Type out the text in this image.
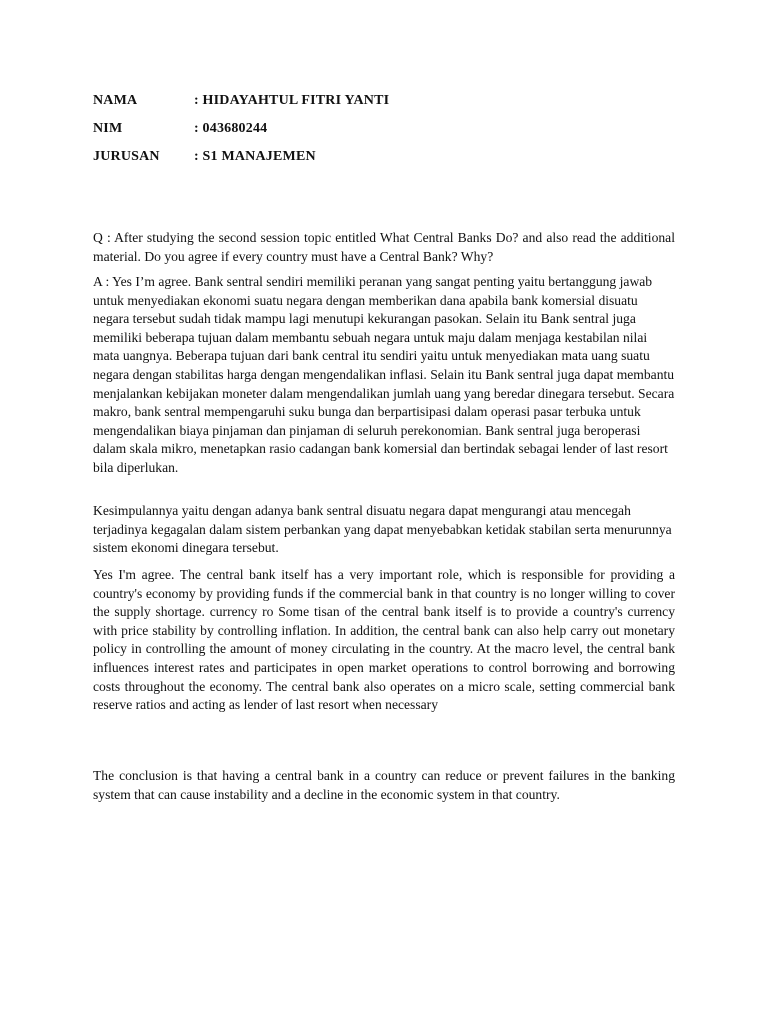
NAMA	: HIDAYAHTUL FITRI YANTI
NIM	: 043680244
JURUSAN	: S1 MANAJEMEN

Q : After studying the second session topic entitled What Central Banks Do? and also read the additional material. Do you agree if every country must have a Central Bank? Why?

A : Yes I’m agree. Bank sentral sendiri memiliki peranan yang sangat penting yaitu bertanggung jawab untuk menyediakan ekonomi suatu negara dengan memberikan dana apabila bank komersial disuatu negara tersebut sudah tidak mampu lagi menutupi kekurangan pasokan. Selain itu Bank sentral juga memiliki beberapa tujuan dalam membantu sebuah negara untuk maju dalam menjaga kestabilan nilai mata uangnya. Beberapa tujuan dari bank central itu sendiri yaitu untuk menyediakan mata uang suatu negara dengan stabilitas harga dengan mengendalikan inflasi. Selain itu Bank sentral juga dapat membantu menjalankan kebijakan moneter dalam mengendalikan jumlah uang yang beredar dinegara tersebut. Secara makro, bank sentral mempengaruhi suku bunga dan berpartisipasi dalam operasi pasar terbuka untuk mengendalikan biaya pinjaman dan pinjaman di seluruh perekonomian. Bank sentral juga beroperasi dalam skala mikro, menetapkan rasio cadangan bank komersial dan bertindak sebagai lender of last resort bila diperlukan.

Kesimpulannya yaitu dengan adanya bank sentral disuatu negara dapat mengurangi atau mencegah terjadinya kegagalan dalam sistem perbankan yang dapat menyebabkan ketidak stabilan serta menurunnya sistem ekonomi dinegara tersebut.

Yes I'm agree. The central bank itself has a very important role, which is responsible for providing a country's economy by providing funds if the commercial bank in that country is no longer willing to cover the supply shortage. currency ro Some tisan of the central bank itself is to provide a country's currency with price stability by controlling inflation. In addition, the central bank can also help carry out monetary policy in controlling the amount of money circulating in the country. At the macro level, the central bank influences interest rates and participates in open market operations to control borrowing and borrowing costs throughout the economy. The central bank also operates on a micro scale, setting commercial bank reserve ratios and acting as lender of last resort when necessary

The conclusion is that having a central bank in a country can reduce or prevent failures in the banking system that can cause instability and a decline in the economic system in that country.
